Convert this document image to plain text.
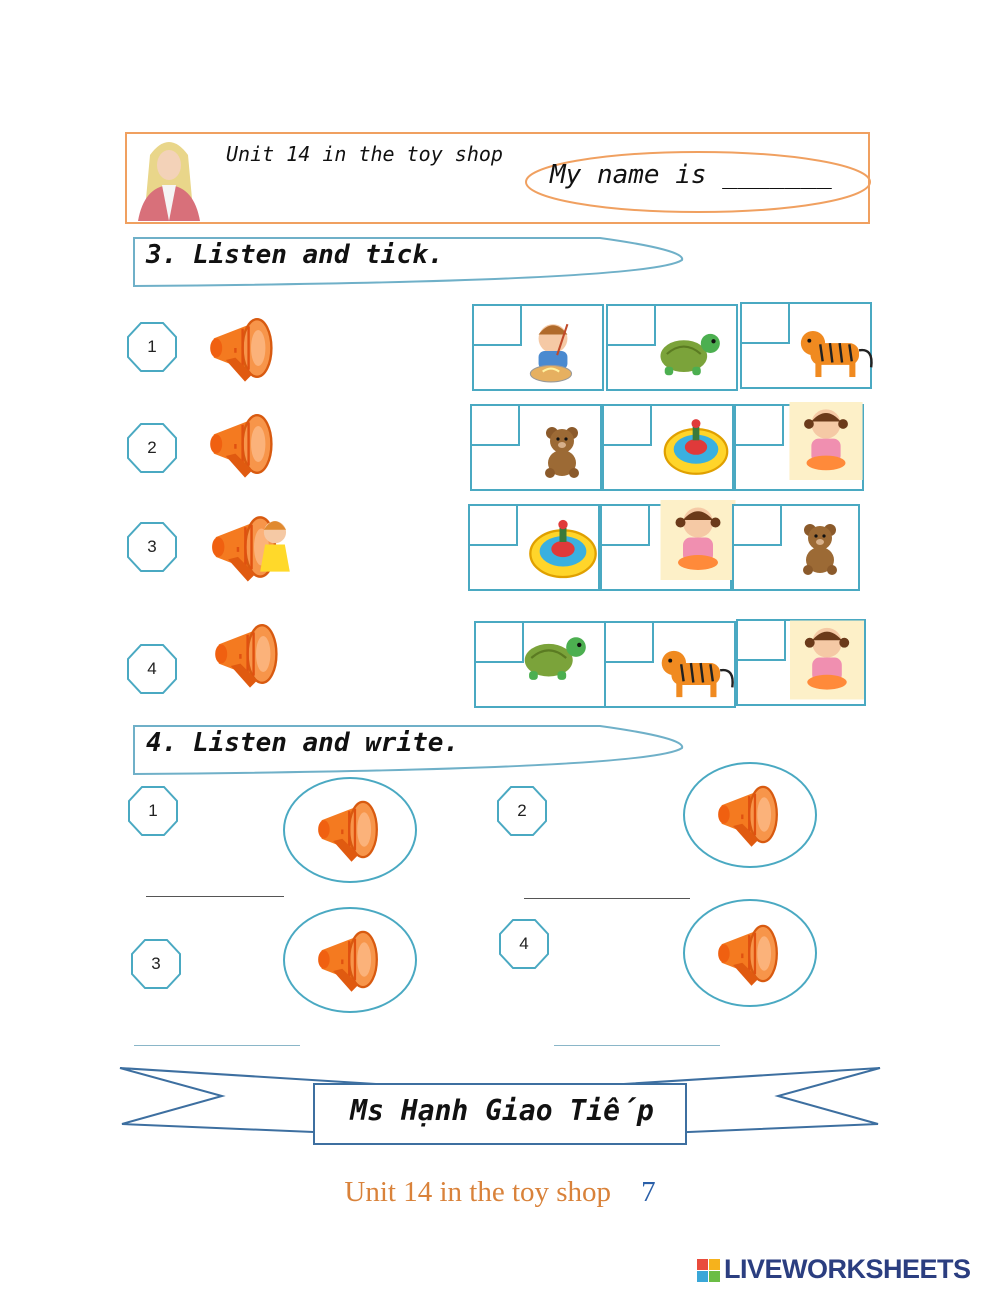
Unit 14 in the toy shop
My name is _______
3. Listen and tick.
1
2
3
4
4. Listen and write.
1	2
3
4
Ms Hạnh Giao Tiếp
Unit 14 in the toy shop 7
LIVEWORKSHEETS
